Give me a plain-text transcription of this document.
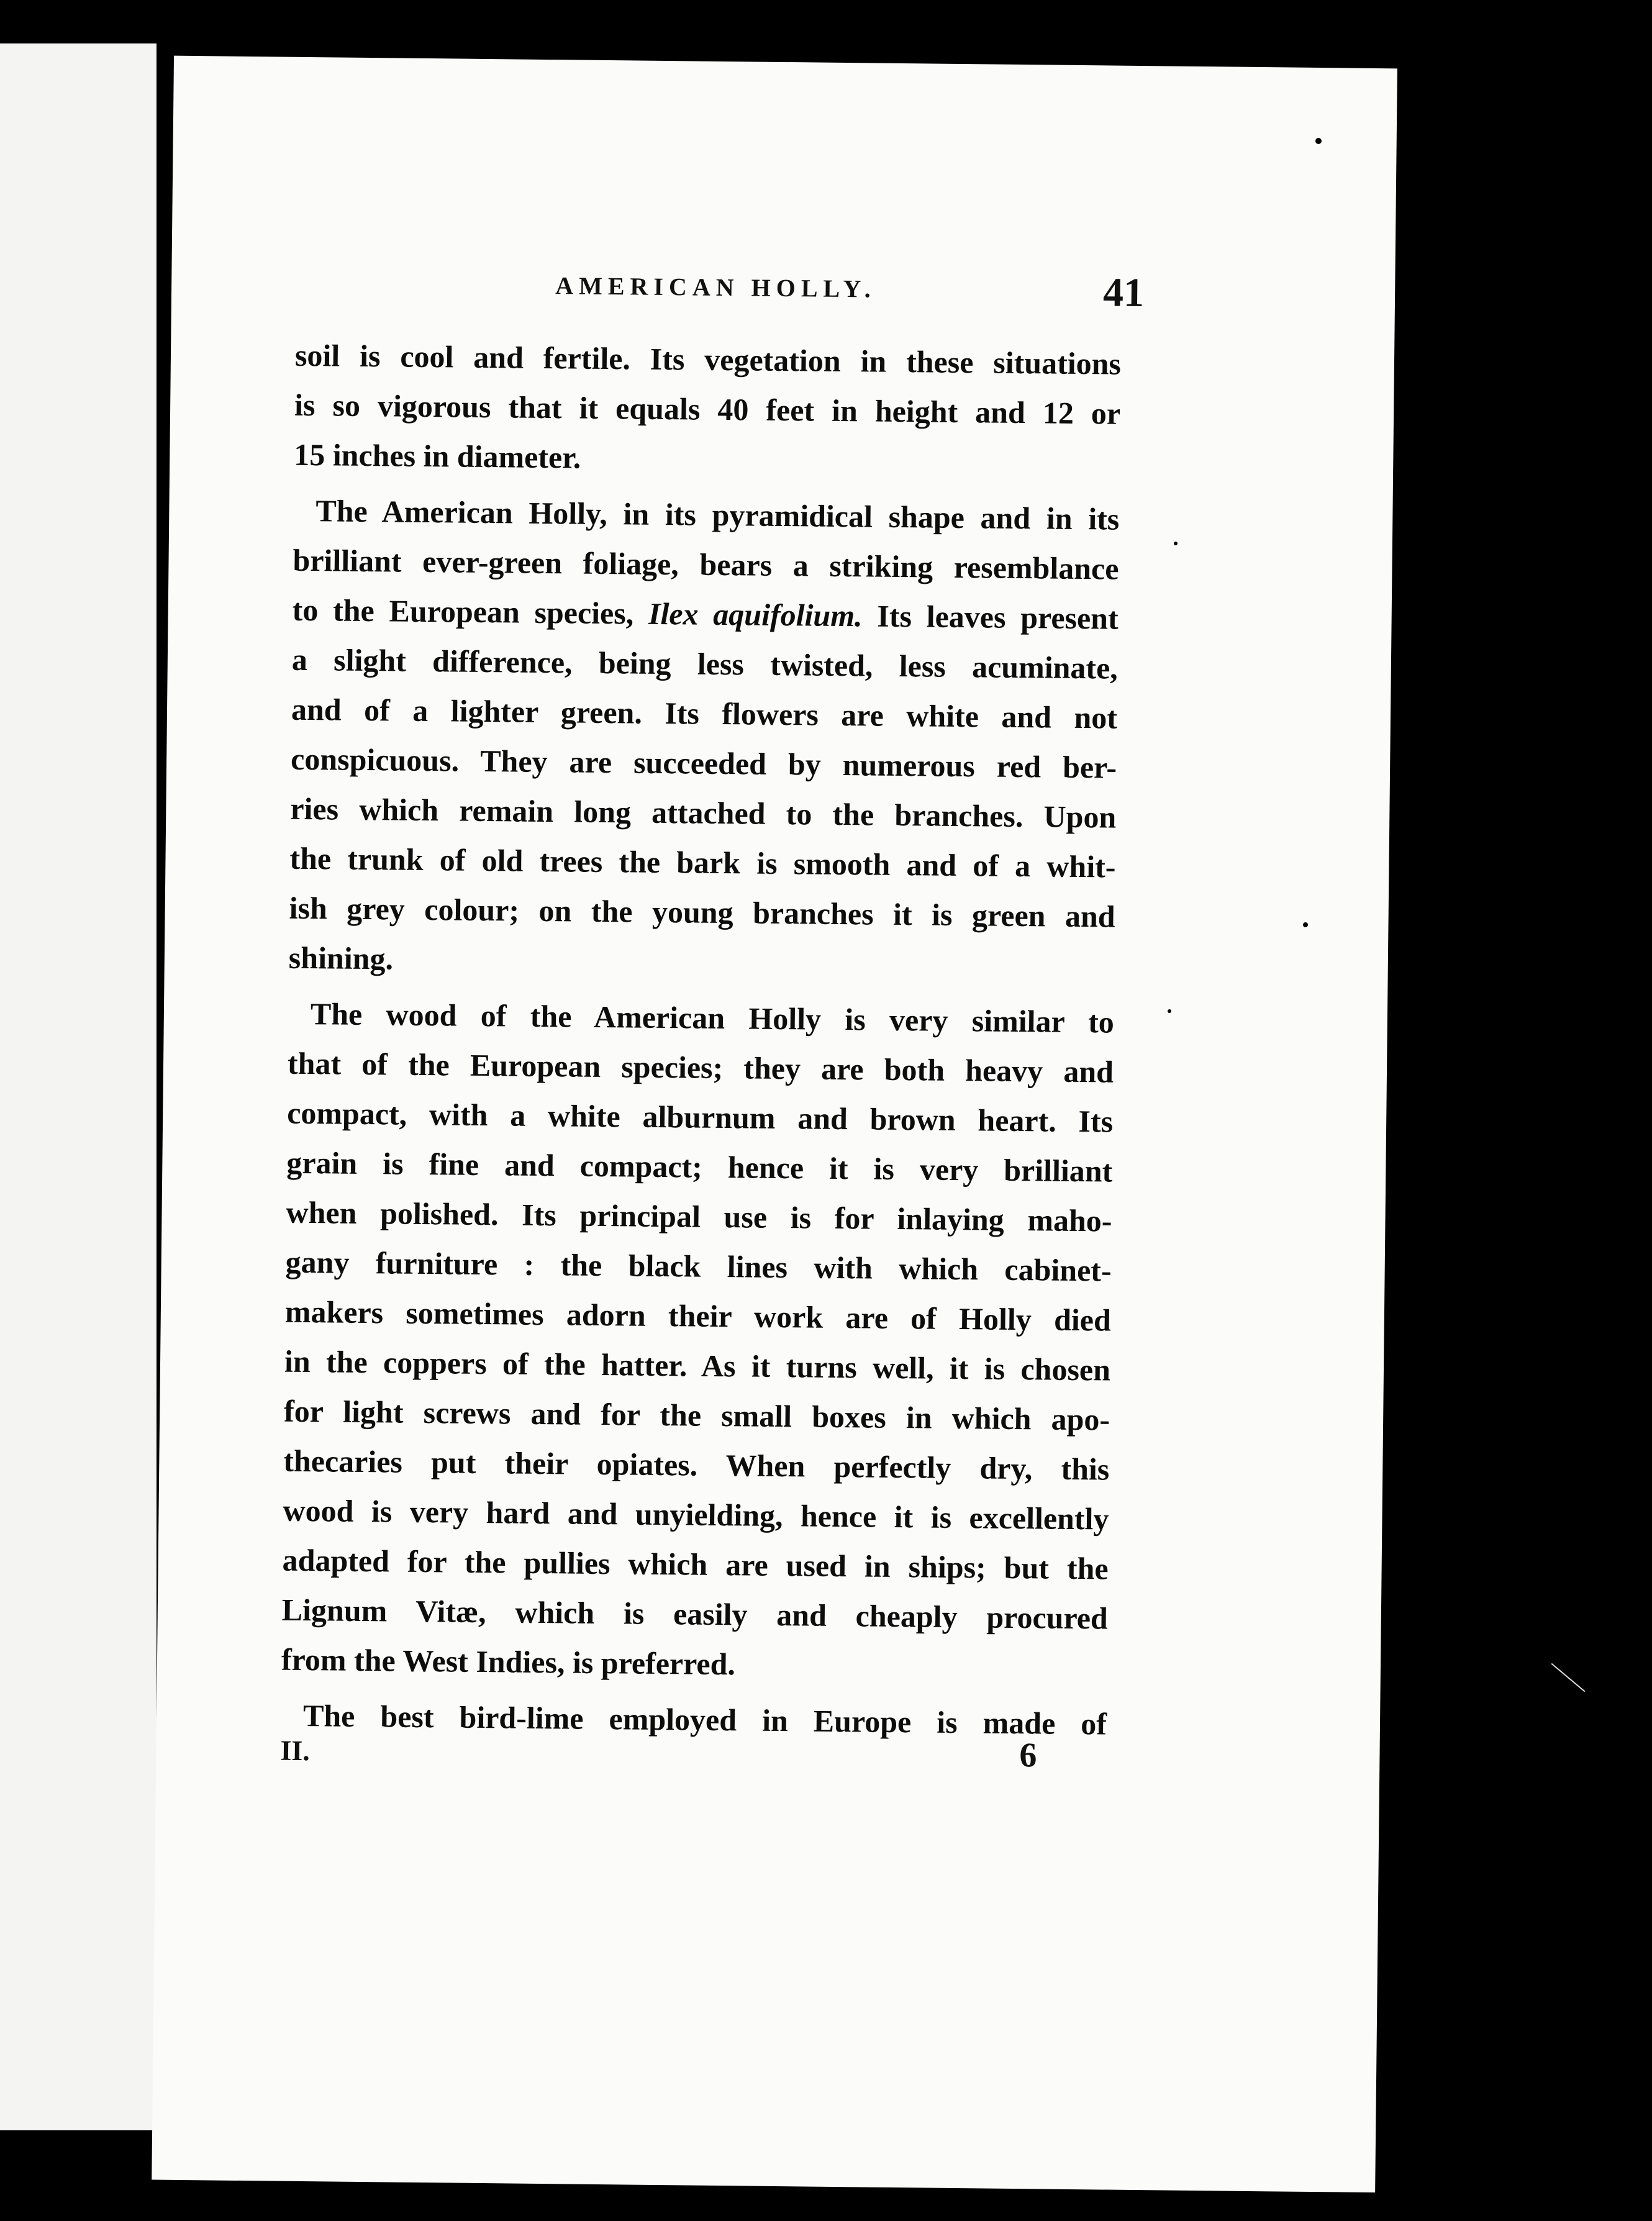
AMERICAN HOLLY.	41
soil is cool and fertile. Its vegetation in these situations
is so vigorous that it equals 40 feet in height and 12 or
15 inches in diameter.
The American Holly, in its pyramidical shape and in its
brilliant ever-green foliage, bears a striking resemblance
to the European species, Ilex aquifolium. Its leaves present
a slight difference, being less twisted, less acuminate,
and of a lighter green. Its flowers are white and not
conspicuous. They are succeeded by numerous red ber-
ries which remain long attached to the branches. Upon
the trunk of old trees the bark is smooth and of a whit-
ish grey colour; on the young branches it is green and
shining.
The wood of the American Holly is very similar to
that of the European species; they are both heavy and
compact, with a white alburnum and brown heart. Its
grain is fine and compact; hence it is very brilliant
when polished. Its principal use is for inlaying maho-
gany furniture : the black lines with which cabinet-
makers sometimes adorn their work are of Holly died
in the coppers of the hatter. As it turns well, it is chosen
for light screws and for the small boxes in which apo-
thecaries put their opiates. When perfectly dry, this
wood is very hard and unyielding, hence it is excellently
adapted for the pullies which are used in ships; but the
Lignum Vitæ, which is easily and cheaply procured
from the West Indies, is preferred.
The best bird-lime employed in Europe is made of
II.	6
